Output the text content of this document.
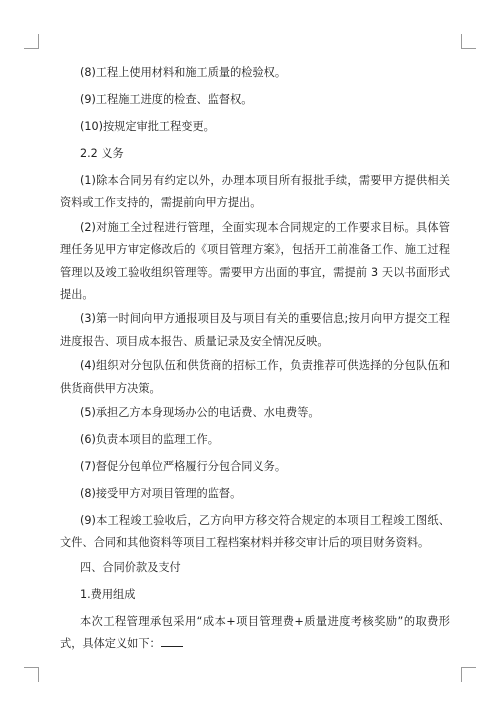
(8)工程上使用材料和施工质量的检验权。

(9)工程施工进度的检查、监督权。

(10)按规定审批工程变更。

2.2 义务

(1)除本合同另有约定以外，办理本项目所有报批手续，需要甲方提供相关资料或工作支持的，需提前向甲方提出。

(2)对施工全过程进行管理，全面实现本合同规定的工作要求目标。具体管理任务见甲方审定修改后的《项目管理方案》，包括开工前准备工作、施工过程管理以及竣工验收组织管理等。需要甲方出面的事宜，需提前 3 天以书面形式提出。

(3)第一时间向甲方通报项目及与项目有关的重要信息;按月向甲方提交工程进度报告、项目成本报告、质量记录及安全情况反映。

(4)组织对分包队伍和供货商的招标工作，负责推荐可供选择的分包队伍和供货商供甲方决策。

(5)承担乙方本身现场办公的电话费、水电费等。

(6)负责本项目的监理工作。

(7)督促分包单位严格履行分包合同义务。

(8)接受甲方对项目管理的监督。

(9)本工程竣工验收后，乙方向甲方移交符合规定的本项目工程竣工图纸、文件、合同和其他资料等项目工程档案材料并移交审计后的项目财务资料。

四、合同价款及支付

1.费用组成

本次工程管理承包采用“成本+项目管理费+质量进度考核奖励”的取费形式，具体定义如下：
